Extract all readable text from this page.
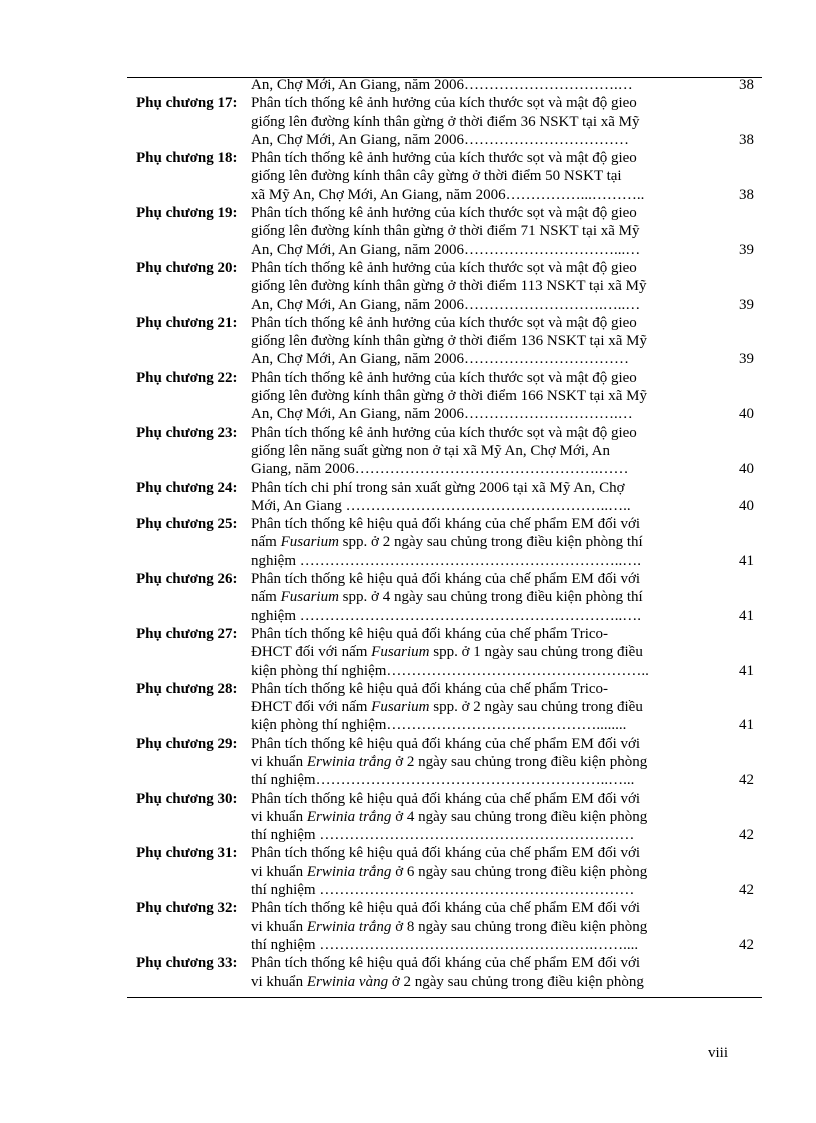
An, Chợ Mới, An Giang, năm 2006………………………….…	38
Phụ chương 17: Phân tích thống kê ảnh hưởng của kích thước sọt và mật độ gieo
giống lên đường kính thân gừng ở thời điểm 36 NSKT tại xã Mỹ
An, Chợ Mới, An Giang, năm 2006……………………………	38
Phụ chương 18: Phân tích thống kê ảnh hưởng của kích thước sọt và mật độ gieo
giống lên đường kính thân cây gừng ở thời điểm 50 NSKT tại
xã Mỹ An, Chợ Mới, An Giang, năm 2006……………...………..	38
Phụ chương 19: Phân tích thống kê ảnh hưởng của kích thước sọt và mật độ gieo
giống lên đường kính thân gừng ở thời điểm 71 NSKT tại xã Mỹ
An, Chợ Mới, An Giang, năm 2006…………………………...…	39
Phụ chương 20: Phân tích thống kê ảnh hưởng của kích thước sọt và mật độ gieo
giống lên đường kính thân gừng ở thời điểm 113 NSKT tại xã Mỹ
An, Chợ Mới, An Giang, năm 2006……………………….…..…	39
Phụ chương 21: Phân tích thống kê ảnh hưởng của kích thước sọt và mật độ gieo
giống lên đường kính thân gừng ở thời điểm 136 NSKT tại xã Mỹ
An, Chợ Mới, An Giang, năm 2006……………………………	39
Phụ chương 22: Phân tích thống kê ảnh hưởng của kích thước sọt và mật độ gieo
giống lên đường kính thân gừng ở thời điểm 166 NSKT tại xã Mỹ
An, Chợ Mới, An Giang, năm 2006………………………….…	40
Phụ chương 23: Phân tích thống kê ảnh hưởng của kích thước sọt và mật độ gieo
giống lên năng suất gừng non ở tại xã Mỹ An, Chợ Mới, An
Giang, năm 2006………………………………………….……	40
Phụ chương 24: Phân tích chi phí trong sản xuất gừng 2006 tại xã Mỹ An, Chợ
Mới, An Giang ……………………………………………..…..	40
Phụ chương 25: Phân tích thống kê hiệu quả đối kháng của chế phẩm EM đối với
nấm Fusarium spp. ở 2 ngày sau chủng trong điều kiện phòng thí
nghiệm ………………………………………………………..….	41
Phụ chương 26: Phân tích thống kê hiệu quả đối kháng của chế phẩm EM đối với
nấm Fusarium spp. ở 4 ngày sau chủng trong điều kiện phòng thí
nghiệm ………………………………………………………..….	41
Phụ chương 27: Phân tích thống kê hiệu quả đối kháng của chế phẩm Trico-
ĐHCT đối với nấm Fusarium spp. ở 1 ngày sau chủng trong điều
kiện phòng thí nghiệm……………………………………………..	41
Phụ chương 28: Phân tích thống kê hiệu quả đối kháng của chế phẩm Trico-
ĐHCT đối với nấm Fusarium spp. ở 2 ngày sau chủng trong điều
kiện phòng thí nghiệm……………………………………........	41
Phụ chương 29: Phân tích thống kê hiệu quả đối kháng của chế phẩm EM đối với
vi khuẩn Erwinia trắng ở 2 ngày sau chủng trong điều kiện phòng
thí nghiệm…………………………………………………..…...	42
Phụ chương 30: Phân tích thống kê hiệu quả đối kháng của chế phẩm EM đối với
vi khuẩn Erwinia trắng ở 4 ngày sau chủng trong điều kiện phòng
thí nghiệm ………………………………………………………	42
Phụ chương 31: Phân tích thống kê hiệu quả đối kháng của chế phẩm EM đối với
vi khuẩn Erwinia trắng ở 6 ngày sau chủng trong điều kiện phòng
thí nghiệm ………………………………………………………	42
Phụ chương 32: Phân tích thống kê hiệu quả đối kháng của chế phẩm EM đối với
vi khuẩn Erwinia trắng ở 8 ngày sau chủng trong điều kiện phòng
thí nghiệm ……………………………………………….……....	42
Phụ chương 33: Phân tích thống kê hiệu quả đối kháng của chế phẩm EM đối với
vi khuẩn Erwinia vàng ở 2 ngày sau chủng trong điều kiện phòng
viii
